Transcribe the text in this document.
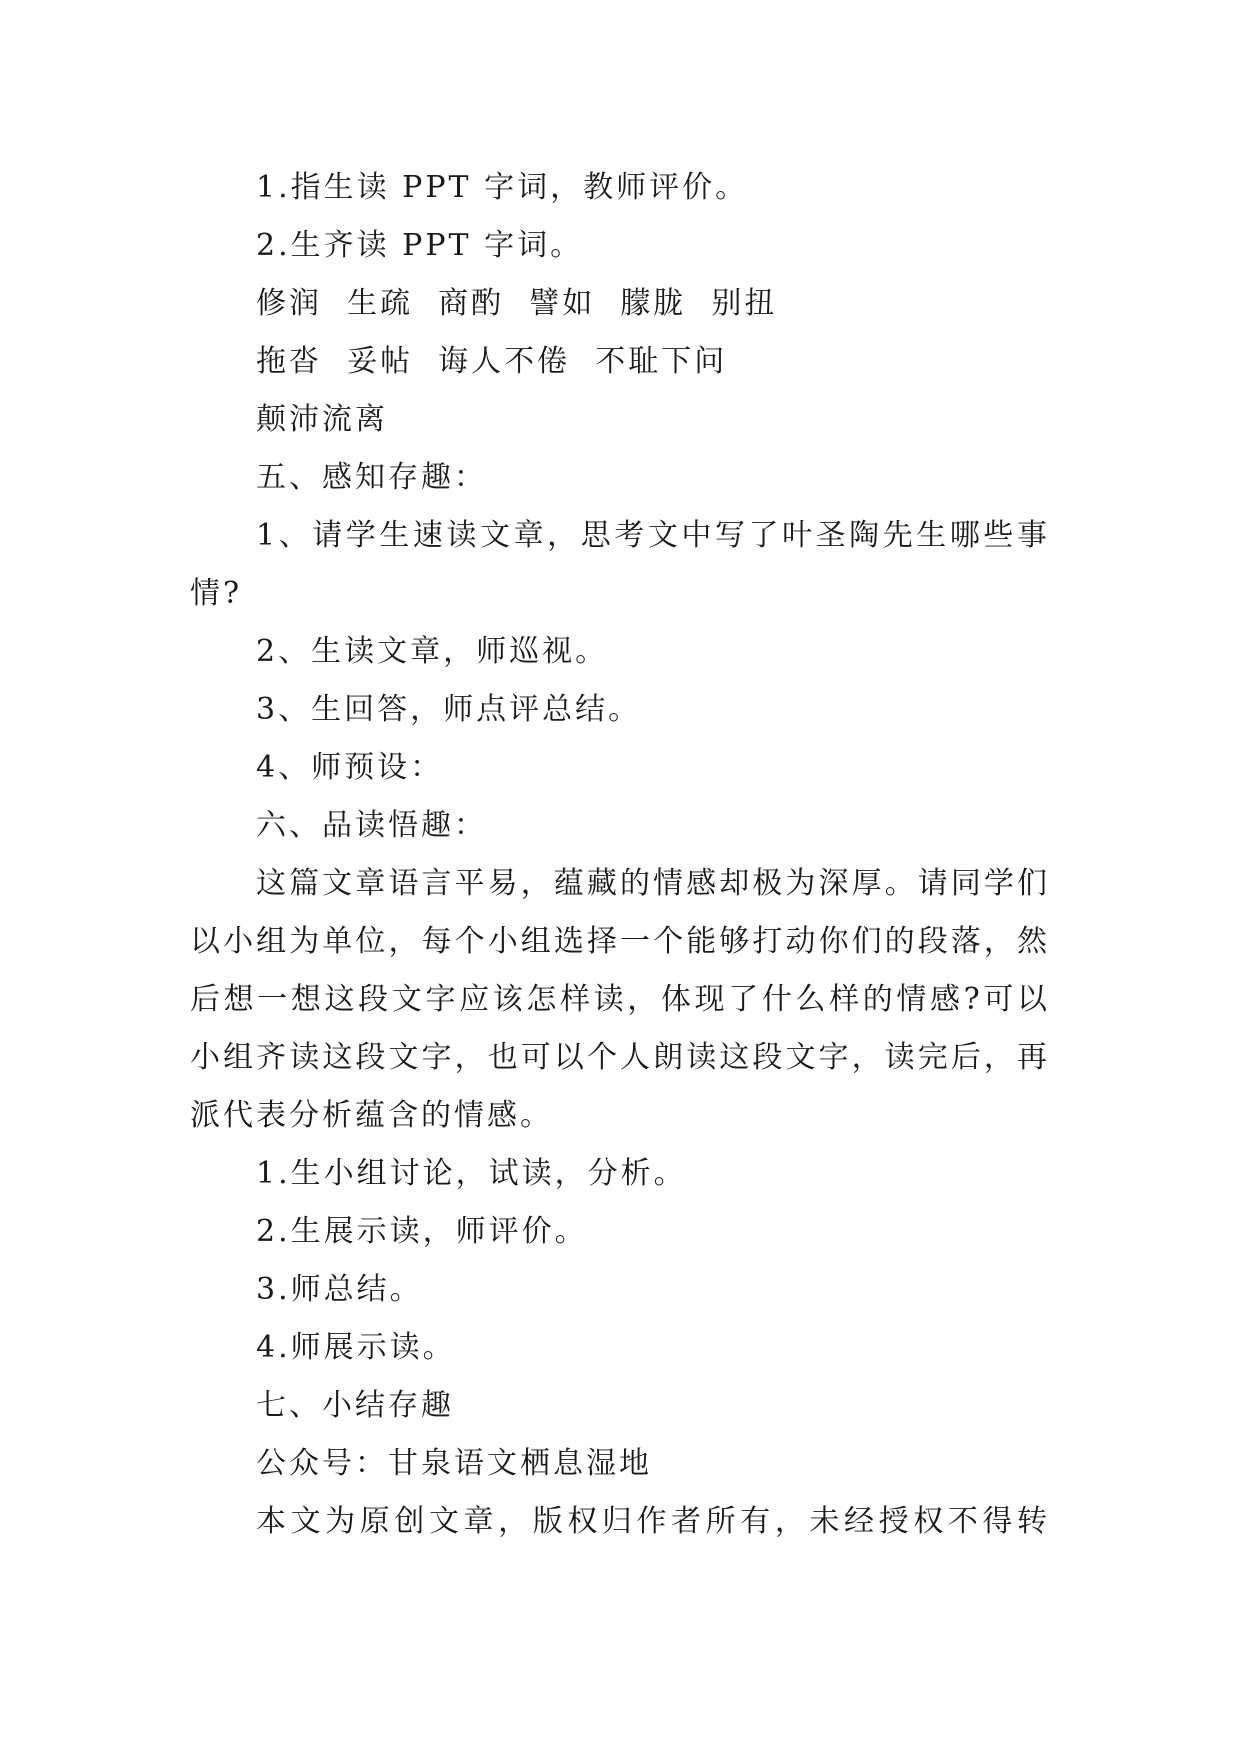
1.指生读 PPT 字词，教师评价。
2.生齐读 PPT 字词。
修润  生疏  商酌  譬如  朦胧  别扭
拖沓  妥帖  诲人不倦  不耻下问
颠沛流离
五、感知存趣：
1、请学生速读文章，思考文中写了叶圣陶先生哪些事
情?
2、生读文章，师巡视。
3、生回答，师点评总结。
4、师预设：
六、品读悟趣：
这篇文章语言平易，蕴藏的情感却极为深厚。请同学们
以小组为单位，每个小组选择一个能够打动你们的段落，然
后想一想这段文字应该怎样读，体现了什么样的情感?可以
小组齐读这段文字，也可以个人朗读这段文字，读完后，再
派代表分析蕴含的情感。
1.生小组讨论，试读，分析。
2.生展示读，师评价。
3.师总结。
4.师展示读。
七、小结存趣
公众号：甘泉语文栖息湿地
本文为原创文章，版权归作者所有，未经授权不得转
